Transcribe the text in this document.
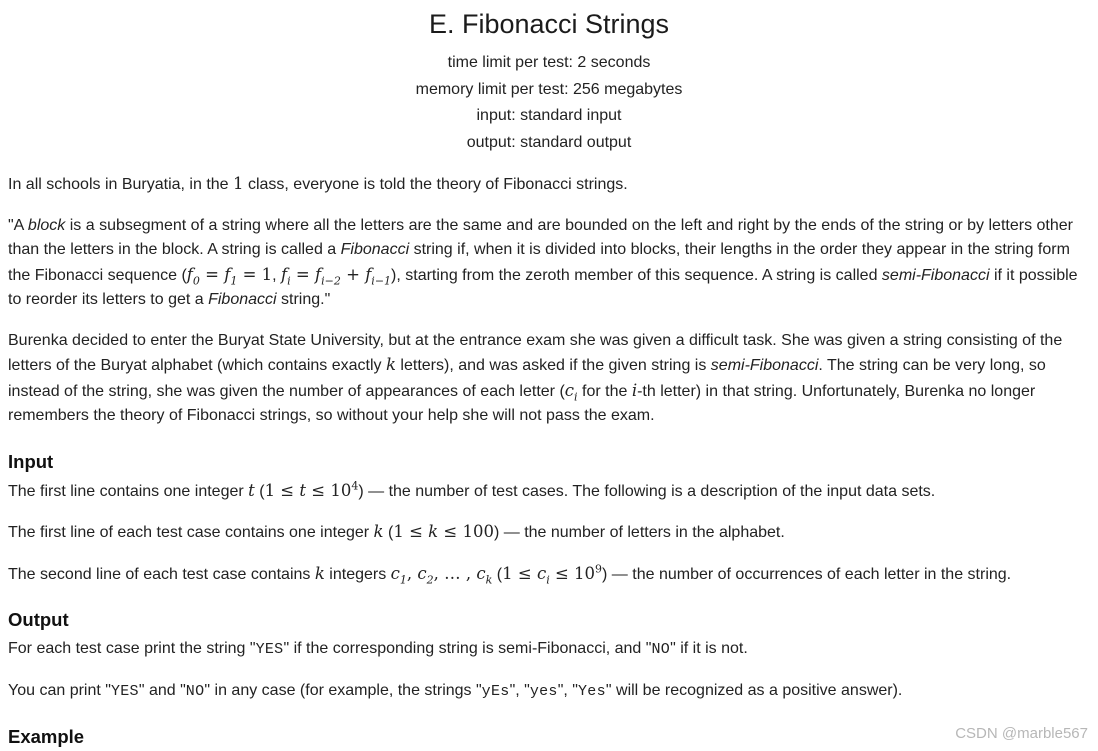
E. Fibonacci Strings
time limit per test: 2 seconds
memory limit per test: 256 megabytes
input: standard input
output: standard output

In all schools in Buryatia, in the 1 class, everyone is told the theory of Fibonacci strings.

"A block is a subsegment of a string where all the letters are the same and are bounded on the left and right by the ends of the string or by letters other than the letters in the block. A string is called a Fibonacci string if, when it is divided into blocks, their lengths in the order they appear in the string form the Fibonacci sequence ($f_0 = f_1 = 1$, $f_i = f_{i-2} + f_{i-1}$), starting from the zeroth member of this sequence. A string is called semi-Fibonacci if it possible to reorder its letters to get a Fibonacci string."

Burenka decided to enter the Buryat State University, but at the entrance exam she was given a difficult task. She was given a string consisting of the letters of the Buryat alphabet (which contains exactly k letters), and was asked if the given string is semi-Fibonacci. The string can be very long, so instead of the string, she was given the number of appearances of each letter ($c_i$ for the i-th letter) in that string. Unfortunately, Burenka no longer remembers the theory of Fibonacci strings, so without your help she will not pass the exam.

Input

The first line contains one integer t $(1 \le t \le 10^4)$ — the number of test cases. The following is a description of the input data sets.

The first line of each test case contains one integer k (1 ≤ k ≤ 100) — the number of letters in the alphabet.

The second line of each test case contains k integers $c_1$, $c_2$, … , $c_k$ $(1 \le c_i \le 10^9)$ — the number of occurrences of each letter in the string.

Output

For each test case print the string "YES" if the corresponding string is semi-Fibonacci, and "NO" if it is not.

You can print "YES" and "NO" in any case (for example, the strings "yEs", "yes", "Yes" will be recognized as a positive answer).

Example	CSDN @marble567
